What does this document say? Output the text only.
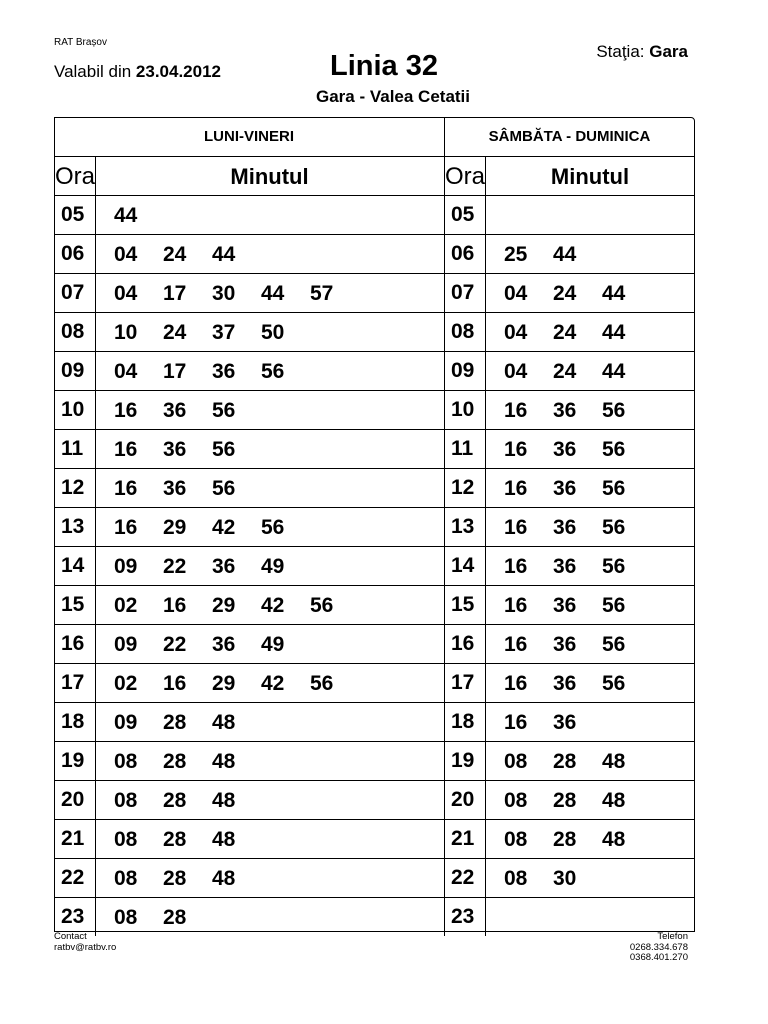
RAT Brașov
Valabil din 23.04.2012	Linia 32
Gara - Valea Cetatii
Staţia: Gara
LUNI-VINERI	SÂMBĂTA - DUMINICA
Ora	Minutul	Ora	Minutul
05 44	05
06 04	24	44	06 25	44
07 04	17	30	44	57	07 04	24	44
08 10	24	37	50	08 04	24	44
09 04	17	36	56	09 04	24	44
10 16	36	56	10 16	36	56
11 16	36	56	11 16	36	56
12 16	36	56	12 16	36	56
13 16	29	42	56	13 16	36	56
14 09	22	36	49	14 16	36	56
15 02	16	29	42	56	15 16	36	56
16 09	22	36	49	16 16	36	56
17 02	16	29	42	56	17 16	36	56
18 09	28	48	18 16	36
19 08	28	48	19 08	28	48
20 08	28	48	20 08	28	48
21 08	28	48	21 08	28	48
22 08	28	48	22 08	30
23 08	28	23
Contact
ratbv@ratbv.ro
Telefon
0268.334.678
0368.401.270
